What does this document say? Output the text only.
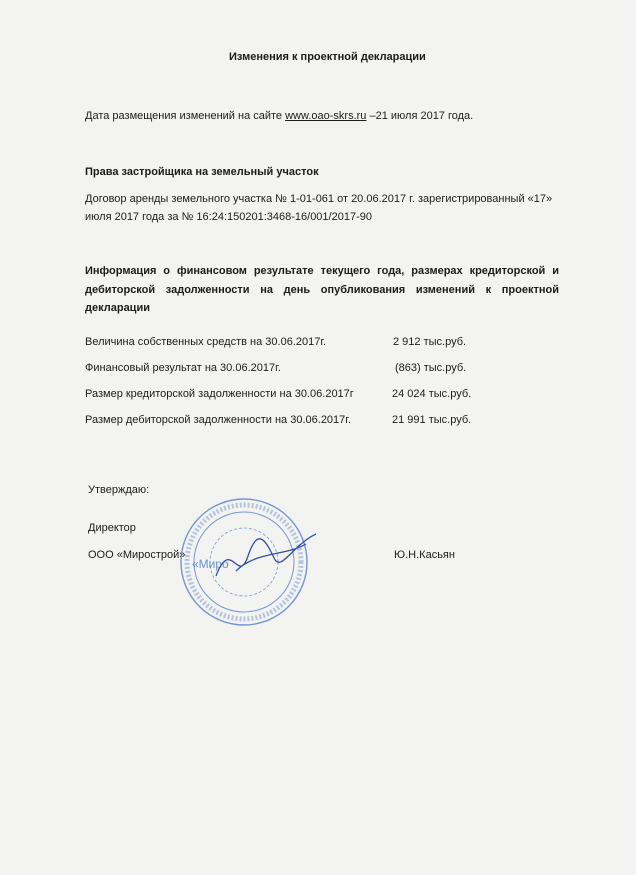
Изменения к проектной декларации
Дата размещения изменений на сайте www.oao-skrs.ru –21 июля 2017 года.
Права застройщика на земельный участок
Договор аренды земельного участка № 1-01-061 от 20.06.2017 г. зарегистрированный «17»
июля 2017 года за № 16:24:150201:3468-16/001/2017-90
Информация о финансовом результате текущего года, размерах кредиторской и дебиторской задолженности на день опубликования изменений к проектной декларации
Величина собственных средств на 30.06.2017г.	2 912 тыс.руб.
Финансовый результат на 30.06.2017г.	(863) тыс.руб.
Размер кредиторской задолженности на 30.06.2017г	24 024 тыс.руб.
Размер дебиторской задолженности на 30.06.2017г.	21 991 тыс.руб.
Утверждаю:
Директор
ООО «Мирострой»	Ю.Н.Касьян
«Миро
